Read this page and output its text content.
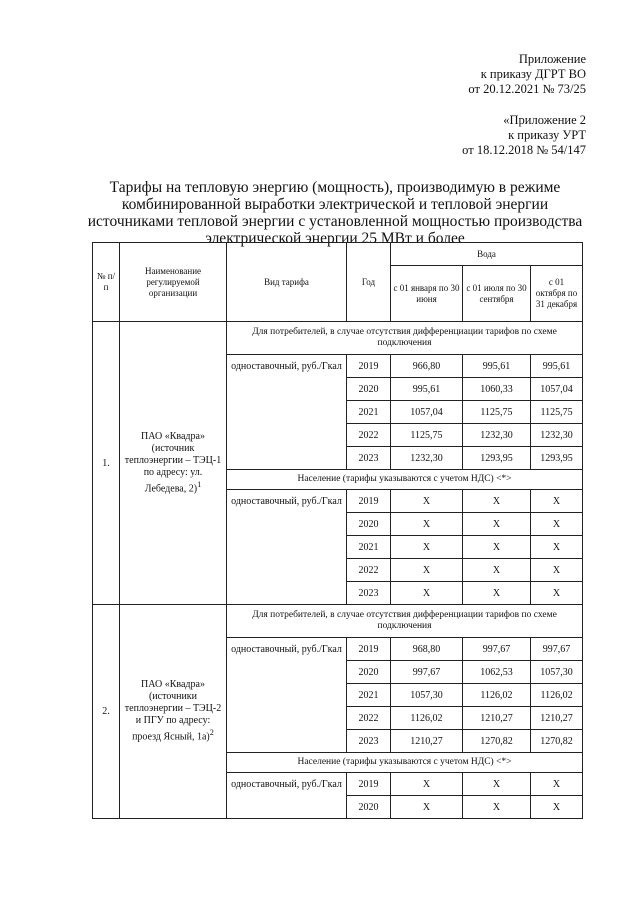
Приложение
к приказу ДГРТ ВО
от 20.12.2021 № 73/25
«Приложение 2
к приказу УРТ
от 18.12.2018 № 54/147
Тарифы на тепловую энергию (мощность), производимую в режиме
комбинированной выработки электрической и тепловой энергии
источниками тепловой энергии с установленной мощностью производства
электрической энергии 25 МВт и более
№ п/п	Наименование регулируемой организации	Вид тарифа	Год	Вода		
				с 01 января по 30 июня	с 01 июля по 30 сентября	с 01 октября по 31 декабря
1.	ПАО «Квадра» (источник теплоэнергии – ТЭЦ-1 по адресу: ул. Лебедева, 2)$^1$	Для потребителей, в случае отсутствия дифференциации тарифов по схеме подключения				
		одноставочный, руб./Гкал	2019	966,80	995,61	995,61
			2020	995,61	1060,33	1057,04
			2021	1057,04	1125,75	1125,75
			2022	1125,75	1232,30	1232,30
			2023	1232,30	1293,95	1293,95
		Население (тарифы указываются с учетом НДС) <*>				
		одноставочный, руб./Гкал	2019	Х	Х	Х
			2020	Х	Х	Х
			2021	Х	Х	Х
			2022	Х	Х	Х
			2023	Х	Х	Х
2.	ПАО «Квадра» (источники теплоэнергии – ТЭЦ-2 и ПГУ по адресу: проезд Ясный, 1а)$^2$	Для потребителей, в случае отсутствия дифференциации тарифов по схеме подключения				
		одноставочный, руб./Гкал	2019	968,80	997,67	997,67
			2020	997,67	1062,53	1057,30
			2021	1057,30	1126,02	1126,02
			2022	1126,02	1210,27	1210,27
			2023	1210,27	1270,82	1270,82
		Население (тарифы указываются с учетом НДС) <*>				
		одноставочный, руб./Гкал	2019	Х	Х	Х
			2020	Х	Х	Х
